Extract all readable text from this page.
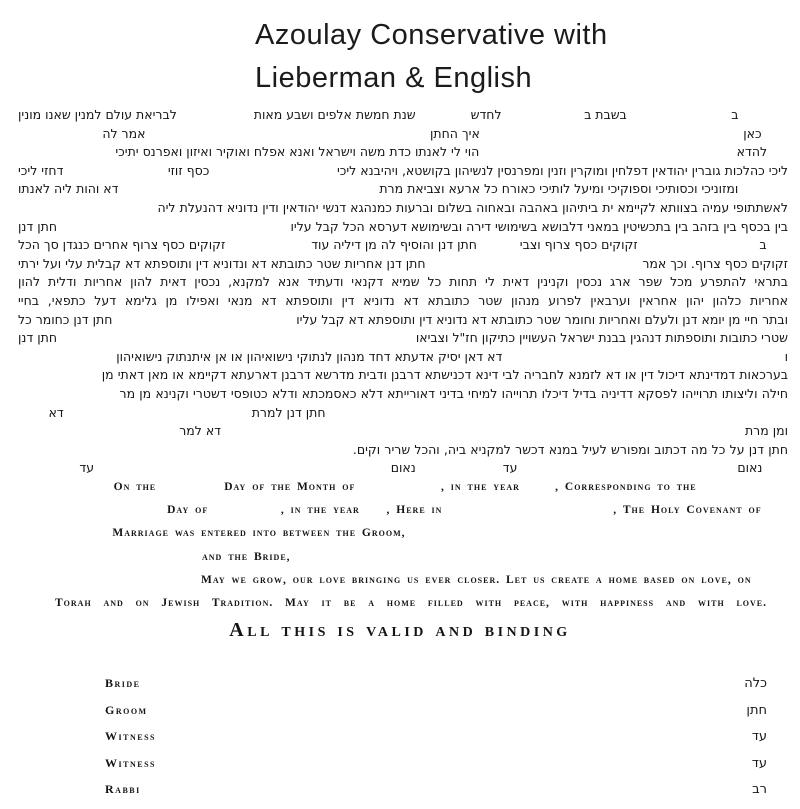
Azoulay Conservative with
Lieberman & English
ב
בשבת ב
לחדש
שנת חמשת אלפים ושבע מאות
לבריאת עולם למנין שאנו מונין
כאן
איך החתן
אמר לה
להדא
הוי לי לאנתו כדת משה וישראל ואנא אפלח ואוקיר ואיזון ואפרנס יתיכי
ליכי כהלכות גוברין יהודאין דפלחין ומוקרין וזנין ומפרנסין לנשיהון בקושטא, ויהיבנא ליכי
כסף זוזי
דחזי ליכי
ומזוניכי וכסותיכי וספוקיכי ומיעל לותיכי כאורח כל ארעא וצביאת מרת
דא והות ליה לאנתו
לאשתתופי עמיה בצוותא לקיימא ית ביתיהון באהבה ובאחוה בשלום וברעות כמנהגא דנשי יהודאין ודין נדוניא דהנעלת ליה
בין בכסף בין בזהב בין בתכשיטין במאני דלבושא בשימושי דירה ובשימושא דערסא הכל קבל עליו
חתן דנן
ב
זקוקים כסף צרוף וצבי
חתן דנן והוסיף לה מן דיליה עוד
זקוקים כסף צרוף אחרים כנגדן סך הכל
זקוקים כסף צרוף. וכך אמר
חתן דנן אחריות שטר כתובתא דא ונדוניא דין ותוספתא דא קבלית עלי ועל ירתי
בתראי להתפרע מכל שפר ארג נכסין וקנינין דאית לי תחות כל שמיא דקנאי ודעתיד אנא למקנא, נכסין דאית להון אחריות ודלית להון
אחריות כלהון יהון אחראין וערבאין לפרוע מנהון שטר כתובתא דא נדוניא דין ותוספתא דא מנאי ואפילו מן גלימא דעל כתפאי, בחיי
ובתר חיי מן יומא דנן ולעלם ואחריות וחומר שטר כתובתא דא נדוניא דין ותוספתא דא קבל עליו
חתן דנן כחומר כל
שטרי כתובות ותוספתות דנהגין בבנת ישראל העשויין כתיקון חז"ל וצביאו
חתן דנן
ו
דא דאן יסיק אדעתא דחד מנהון לנתוקי נישואיהון או אן איתנתוק נישואיהון
בערכאות דמדינתא דיכול דין או דא לזמנא לחבריה לבי דינא דכנישתא דרבנן ודבית מדרשא דרבנן דארעתא דקיימא או מאן דאתי מן
חילה וליצותו תרוייהו לפסקא דדיניה בדיל דיכלו תרוייהו למיחי בדיני דאורייתא דלא כאסמכתא ודלא כטופסי דשטרי וקנינא מן מר
חתן דנן למרת
דא
ומן מרת
דא למר
חתן דנן על כל מה דכתוב ומפורש לעיל במנא דכשר למקניא ביה, והכל שריר וקים.
נאום
עד
נאום
עד
On the	Day of the Month of	, in the year	, Corresponding to the
Day of	, in the year , Here in	, The Holy Covenant of
Marriage was entered into between the Groom,
and the Bride,
May we grow, our love bringing us ever closer. Let us create a home based on love, on
Torah and on Jewish Tradition. May it be a home filled with peace, with happiness and with love.
All this is valid and binding
Bride	כלה
Groom	חתן
Witness	עד
Witness	עד
Rabbi	רב
